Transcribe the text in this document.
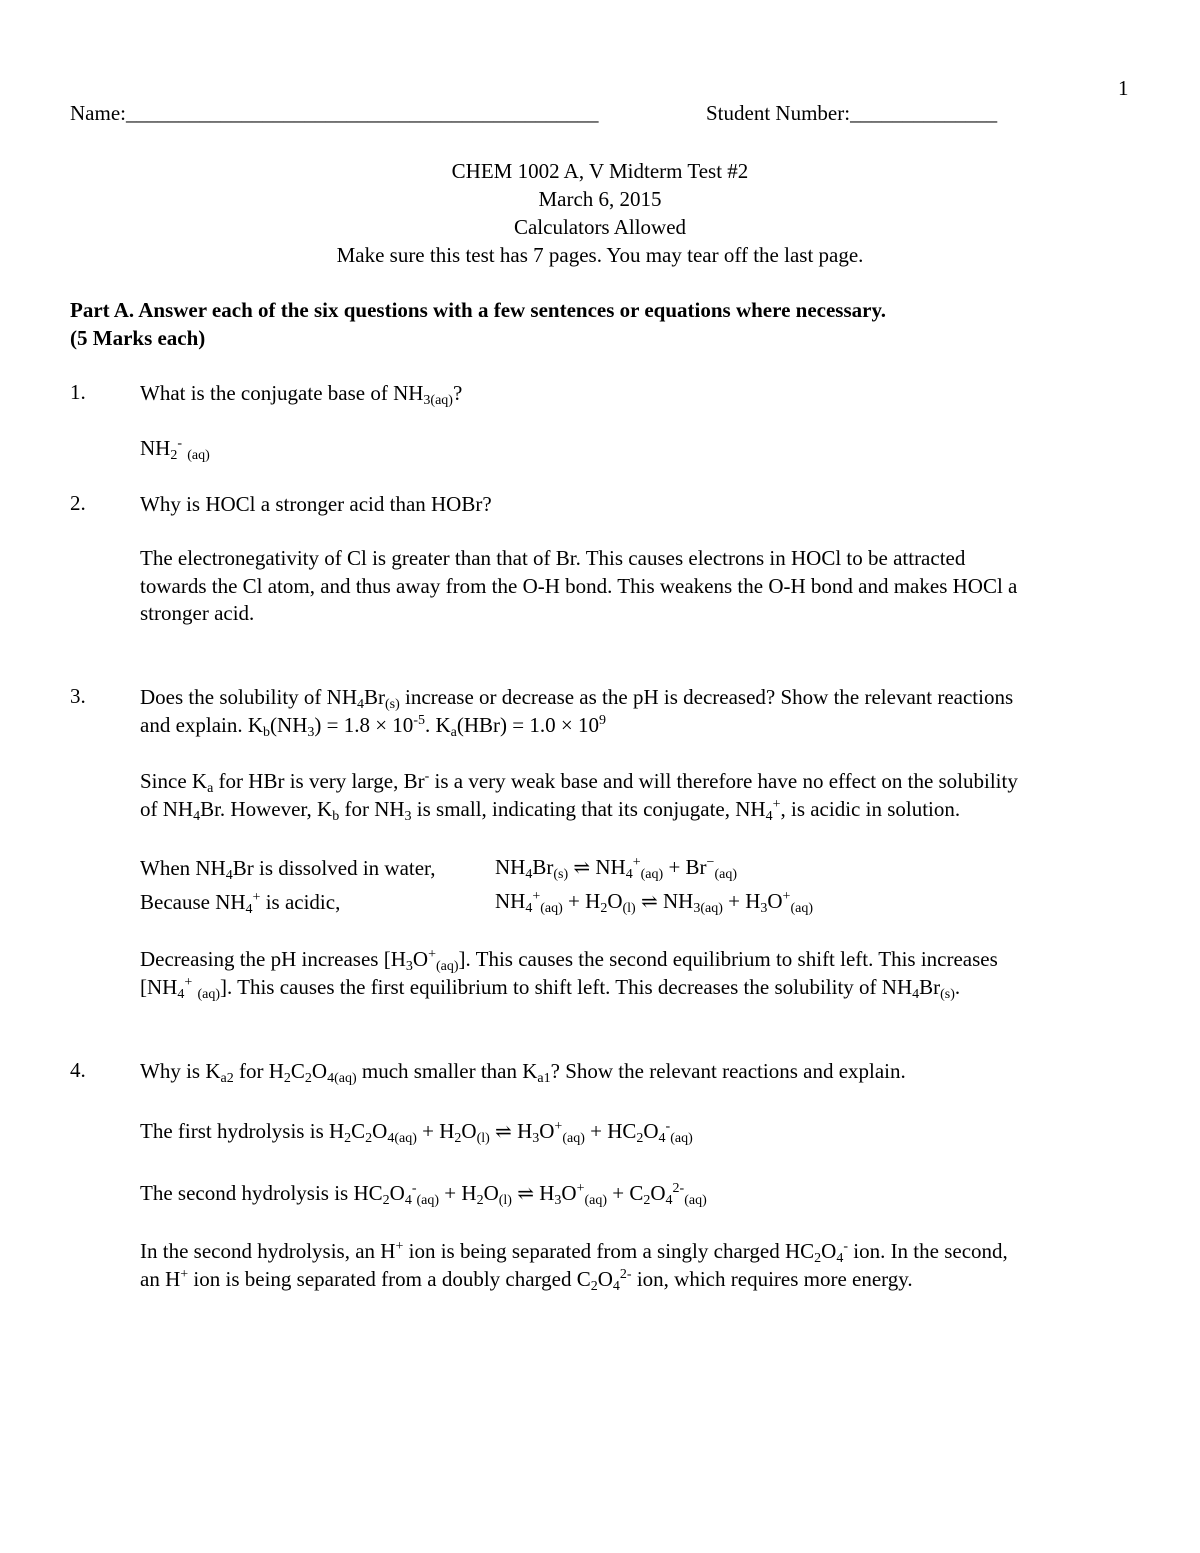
1
Name:_____________________________________________	Student Number:______________
CHEM 1002 A, V Midterm Test #2
March 6, 2015
Calculators Allowed
Make sure this test has 7 pages. You may tear off the last page.
Part A. Answer each of the six questions with a few sentences or equations where necessary.
(5 Marks each)
1.	What is the conjugate base of $NH_{3(aq)}$?
$NH_2^-$ $_{(aq)}$
2.	Why is HOCl a stronger acid than HOBr?
The electronegativity of Cl is greater than that of Br. This causes electrons in HOCl to be attracted
towards the Cl atom, and thus away from the O-H bond. This weakens the O-H bond and makes HOCl a
stronger acid.
3.	Does the solubility of $NH_4Br_{(s)}$ increase or decrease as the pH is decreased? Show the relevant reactions
and explain. $K_b(NH_3) = 1.8 \times 10^{-5}$. $K_a(HBr) = 1.0 \times 10^9$
Since $K_a$ for HBr is very large, Br- is a very weak base and will therefore have no effect on the solubility
of $NH_4Br$. However, $K_b$ for $NH_3$ is small, indicating that its conjugate, $NH_4^+$, is acidic in solution.
When $NH_4Br$ is dissolved in water,	$NH_4Br_{(s)}$ ⇌ $NH_4^+_{(aq)} + Br^-_{(aq)}$
Because $NH_4^+$ is acidic,	$NH_4^+_{(aq)} + H_2O_{(l)}$ ⇌ $NH_{3(aq)} + H_3O^+_{(aq)}$
Decreasing the pH increases $[H_3O^+_{(aq)}]$. This causes the second equilibrium to shift left. This increases
[$NH_4^+$ $_{(aq)}$]. This causes the first equilibrium to shift left. This decreases the solubility of $NH_4Br_{(s)}$.
4.	Why is $K_{a2}$ for $H_2C_2O_{4(aq)}$ much smaller than $K_{a1}$? Show the relevant reactions and explain.
The first hydrolysis is $H_2C_2O_{4(aq)} + H_2O_{(l)}$ ⇌ $H_3O^+_{(aq)} + HC_2O_4^-_{(aq)}$
The second hydrolysis is $HC_2O_4^-_{(aq)} + H_2O_{(l)}$ ⇌ $H_3O^+_{(aq)} + C_2O_4^{2-}_{(aq)}$
In the second hydrolysis, an H+ ion is being separated from a singly charged $HC_2O_4^-$ ion. In the second,
an H+ ion is being separated from a doubly charged $C_2O_4^{2-}$ ion, which requires more energy.
